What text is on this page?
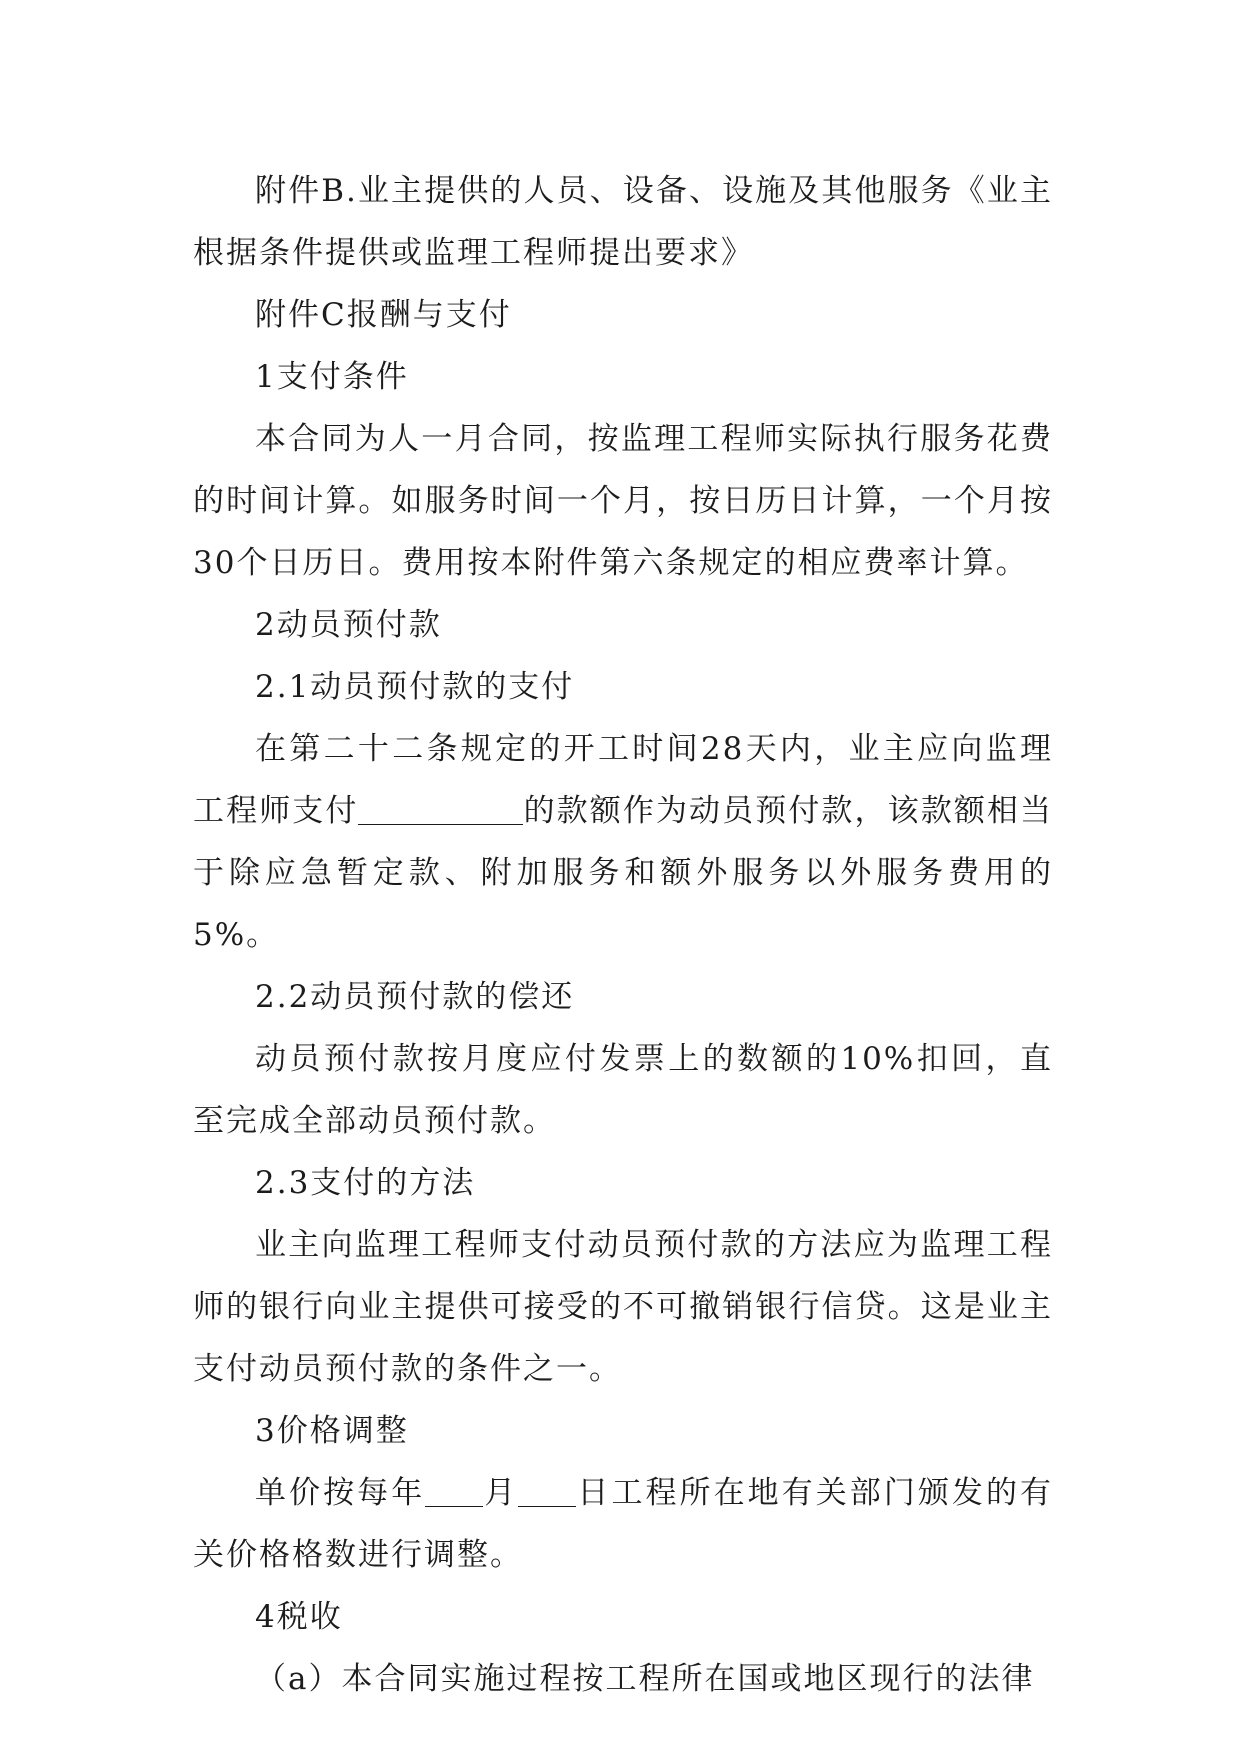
附件B.业主提供的人员、设备、设施及其他服务《业主根据条件提供或监理工程师提出要求》

附件C报酬与支付

1支付条件

本合同为人一月合同，按监理工程师实际执行服务花费的时间计算。如服务时间一个月，按日历日计算，一个月按30个日历日。费用按本附件第六条规定的相应费率计算。

2动员预付款

2.1动员预付款的支付

在第二十二条规定的开工时间28天内，业主应向监理工程师支付	的款额作为动员预付款，该款额相当于除应急暂定款、附加服务和额外服务以外服务费用的5%。

2.2动员预付款的偿还

动员预付款按月度应付发票上的数额的10%扣回，直至完成全部动员预付款。

2.3支付的方法

业主向监理工程师支付动员预付款的方法应为监理工程师的银行向业主提供可接受的不可撤销银行信贷。这是业主支付动员预付款的条件之一。

3价格调整

单价按每年 月 日工程所在地有关部门颁发的有关价格格数进行调整。

4税收

（a）本合同实施过程按工程所在国或地区现行的法律
